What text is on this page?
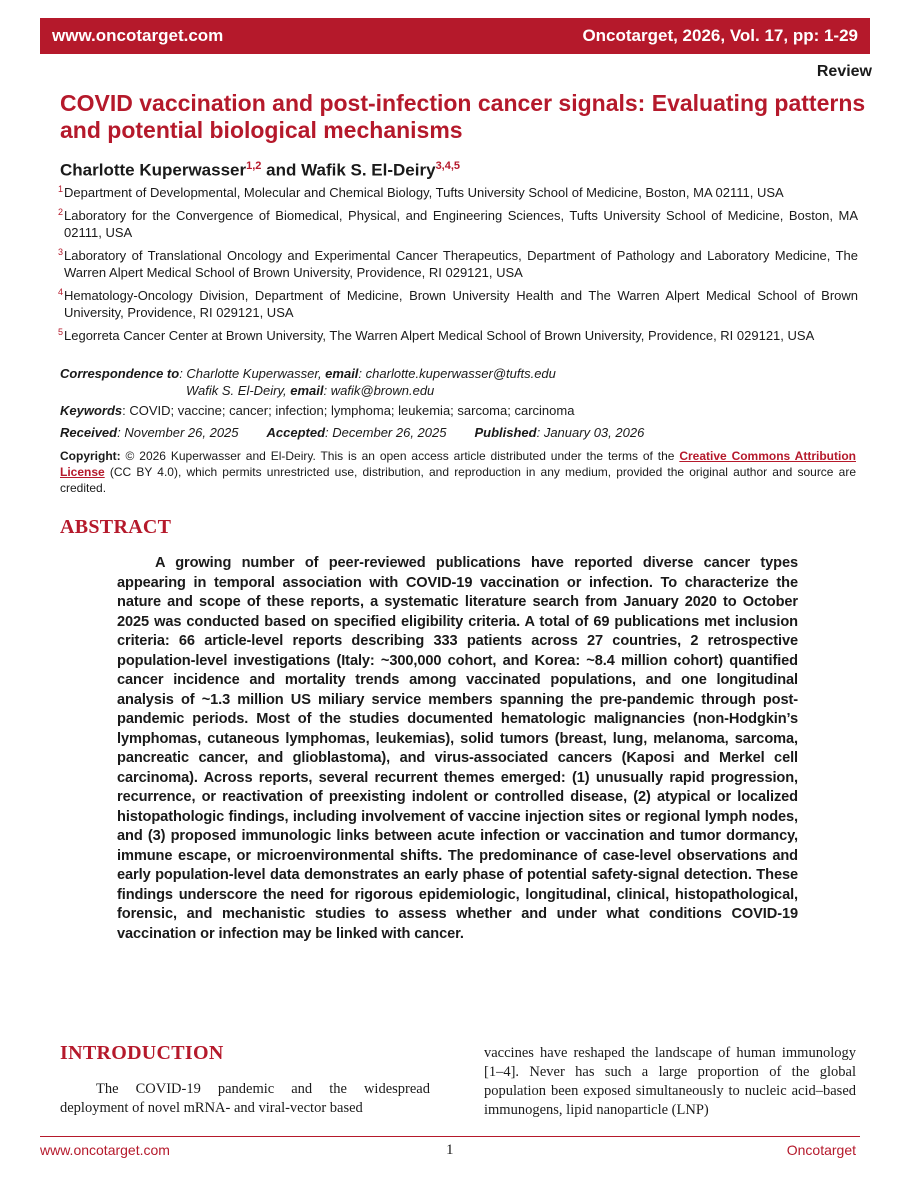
www.oncotarget.com	Oncotarget, 2026, Vol. 17, pp: 1-29
Review
COVID vaccination and post-infection cancer signals: Evaluating patterns and potential biological mechanisms
Charlotte Kuperwasser$^{1,2}$ and Wafik S. El-Deiry$^{3,4,5}$
1 Department of Developmental, Molecular and Chemical Biology, Tufts University School of Medicine, Boston, MA 02111, USA
2 Laboratory for the Convergence of Biomedical, Physical, and Engineering Sciences, Tufts University School of Medicine, Boston, MA 02111, USA
3 Laboratory of Translational Oncology and Experimental Cancer Therapeutics, Department of Pathology and Laboratory Medicine, The Warren Alpert Medical School of Brown University, Providence, RI 029121, USA
4 Hematology-Oncology Division, Department of Medicine, Brown University Health and The Warren Alpert Medical School of Brown University, Providence, RI 029121, USA
5 Legorreta Cancer Center at Brown University, The Warren Alpert Medical School of Brown University, Providence, RI 029121, USA
Correspondence to: Charlotte Kuperwasser, email: charlotte.kuperwasser@tufts.edu
Wafik S. El-Deiry, email: wafik@brown.edu
Keywords: COVID; vaccine; cancer; infection; lymphoma; leukemia; sarcoma; carcinoma
Received: November 26, 2025 Accepted: December 26, 2025 Published: January 03, 2026

Copyright: © 2026 Kuperwasser and El-Deiry. This is an open access article distributed under the terms of the Creative Commons Attribution License (CC BY 4.0), which permits unrestricted use, distribution, and reproduction in any medium, provided the original author and source are credited.

ABSTRACT

A growing number of peer-reviewed publications have reported diverse cancer types appearing in temporal association with COVID-19 vaccination or infection. To characterize the nature and scope of these reports, a systematic literature search from January 2020 to October 2025 was conducted based on specified eligibility criteria. A total of 69 publications met inclusion criteria: 66 article-level reports describing 333 patients across 27 countries, 2 retrospective population-level investigations (Italy: ~300,000 cohort, and Korea: ~8.4 million cohort) quantified cancer incidence and mortality trends among vaccinated populations, and one longitudinal analysis of ~1.3 million US miliary service members spanning the pre-pandemic through post-pandemic periods. Most of the studies documented hematologic malignancies (non-Hodgkin’s lymphomas, cutaneous lymphomas, leukemias), solid tumors (breast, lung, melanoma, sarcoma, pancreatic cancer, and glioblastoma), and virus-associated cancers (Kaposi and Merkel cell carcinoma). Across reports, several recurrent themes emerged: (1) unusually rapid progression, recurrence, or reactivation of preexisting indolent or controlled disease, (2) atypical or localized histopathologic findings, including involvement of vaccine injection sites or regional lymph nodes, and (3) proposed immunologic links between acute infection or vaccination and tumor dormancy, immune escape, or microenvironmental shifts. The predominance of case-level observations and early population-level data demonstrates an early phase of potential safety-signal detection. These findings underscore the need for rigorous epidemiologic, longitudinal, clinical, histopathological, forensic, and mechanistic studies to assess whether and under what conditions COVID-19 vaccination or infection may be linked with cancer.

INTRODUCTION

The COVID-19 pandemic and the widespread deployment of novel mRNA- and viral-vector based

vaccines have reshaped the landscape of human immunology [1–4]. Never has such a large proportion of the global population been exposed simultaneously to nucleic acid–based immunogens, lipid nanoparticle (LNP)

www.oncotarget.com	1	Oncotarget
